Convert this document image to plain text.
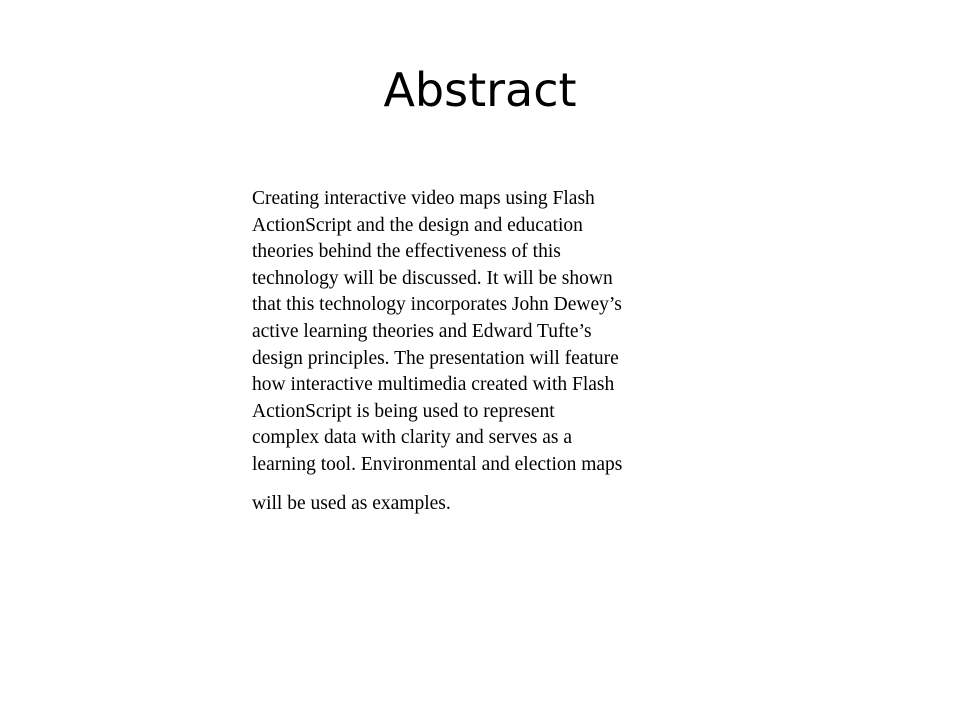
Abstract
Creating interactive video maps using Flash
ActionScript and the design and education
theories behind the effectiveness of this
technology will be discussed. It will be shown
that this technology incorporates John Dewey’s
active learning theories and Edward Tufte’s
design principles. The presentation will feature
how interactive multimedia created with Flash
ActionScript is being used to represent
complex data with clarity and serves as a
learning tool. Environmental and election maps
will be used as examples.
